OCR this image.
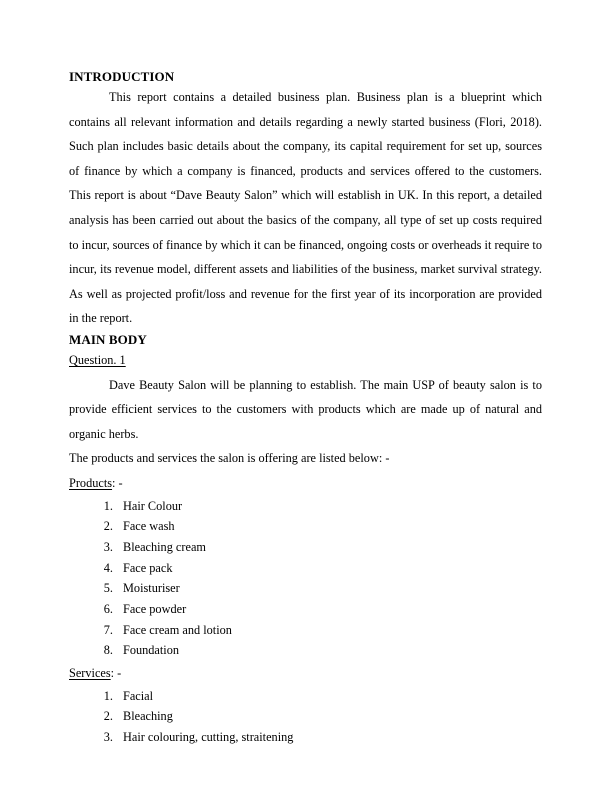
INTRODUCTION

This report contains a detailed business plan. Business plan is a blueprint which contains all relevant information and details regarding a newly started business (Flori, 2018). Such plan includes basic details about the company, its capital requirement for set up, sources of finance by which a company is financed, products and services offered to the customers. This report is about “Dave Beauty Salon” which will establish in UK. In this report, a detailed analysis has been carried out about the basics of the company, all type of set up costs required to incur, sources of finance by which it can be financed, ongoing costs or overheads it require to incur, its revenue model, different assets and liabilities of the business, market survival strategy. As well as projected profit/loss and revenue for the first year of its incorporation are provided in the report.

MAIN BODY
Question. 1

Dave Beauty Salon will be planning to establish. The main USP of beauty salon is to provide efficient services to the customers with products which are made up of natural and organic herbs.

The products and services the salon is offering are listed below: -

Products: -
1. Hair Colour
2. Face wash
3. Bleaching cream
4. Face pack
5. Moisturiser
6. Face powder
7. Face cream and lotion
8. Foundation
Services: -
1. Facial
2. Bleaching
3. Hair colouring, cutting, straitening
